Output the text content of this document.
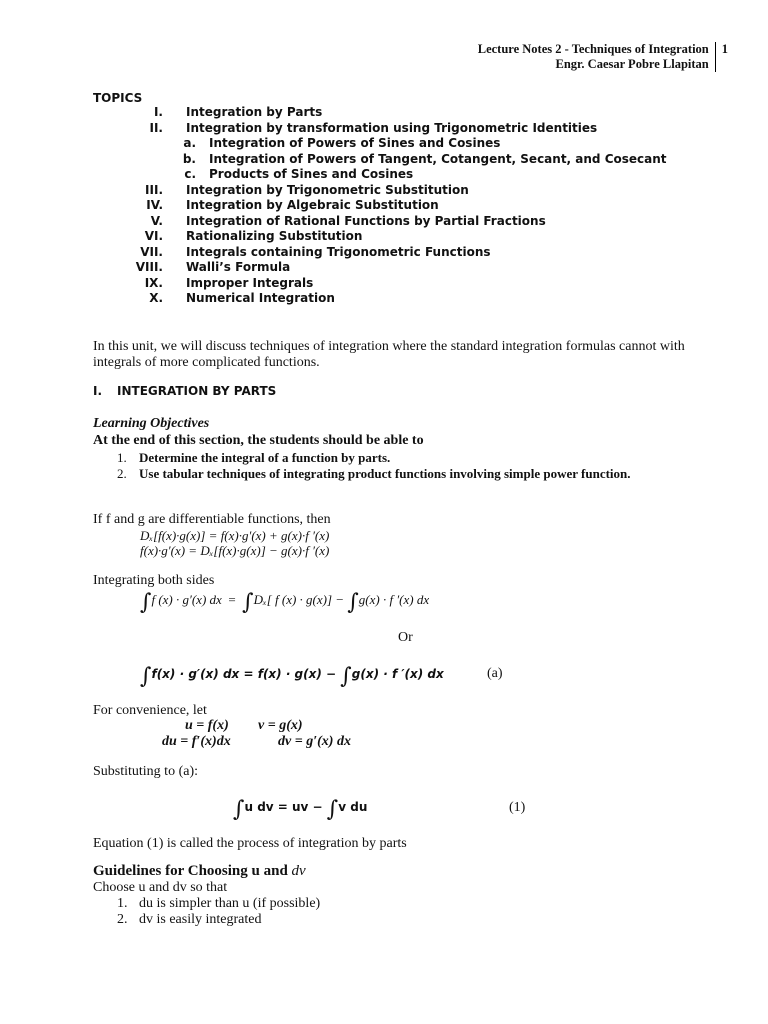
Lecture Notes 2 - Techniques of Integration
Engr. Caesar Pobre Llapitan
1
TOPICS
I. Integration by Parts
II. Integration by transformation using Trigonometric Identities
a. Integration of Powers of Sines and Cosines
b. Integration of Powers of Tangent, Cotangent, Secant, and Cosecant
c. Products of Sines and Cosines
III. Integration by Trigonometric Substitution
IV. Integration by Algebraic Substitution
V. Integration of Rational Functions by Partial Fractions
VI. Rationalizing Substitution
VII. Integrals containing Trigonometric Functions
VIII. Walli’s Formula
IX. Improper Integrals
X. Numerical Integration
In this unit, we will discuss techniques of integration where the standard integration formulas cannot with integrals of more complicated functions.
I. INTEGRATION BY PARTS
Learning Objectives
At the end of this section, the students should be able to
1. Determine the integral of a function by parts.
2. Use tabular techniques of integrating product functions involving simple power function.
If f and g are differentiable functions, then
Dₓ[f(x)·g(x)] = f(x)·g′(x) + g(x)·f ′(x)
f(x)·g′(x) = Dₓ[f(x)·g(x)] − g(x)·f ′(x)
Integrating both sides
∫f (x) · g′(x) dx = ∫Dₓ[ f (x) · g(x)] − ∫g(x) · f ′(x) dx
Or
∫f(x) · g′(x) dx = f(x) · g(x) − ∫g(x) · f ′(x) dx	(a)
For convenience, let
u = f(x) v = g(x)
du = f′(x)dx	dv = g′(x) dx
Substituting to (a):
∫u dv = uv − ∫v du	(1)
Equation (1) is called the process of integration by parts
Guidelines for Choosing u and dv
Choose u and dv so that
1. du is simpler than u (if possible)
2. dv is easily integrated
